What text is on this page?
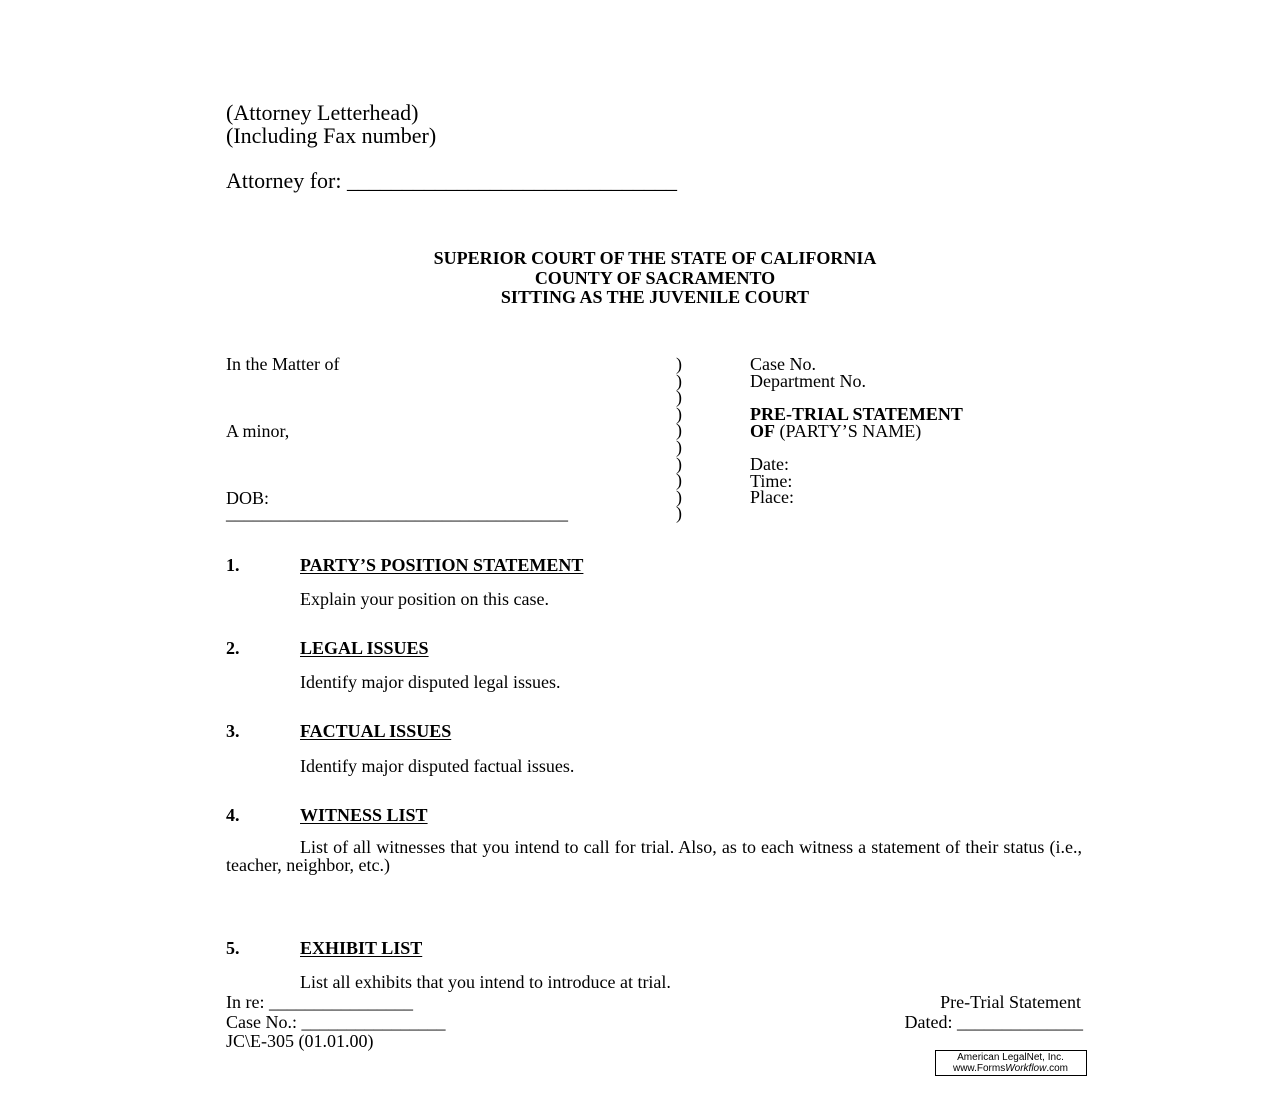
(Attorney Letterhead)
(Including Fax number)
Attorney for: ______________________________
SUPERIOR COURT OF THE STATE OF CALIFORNIA
COUNTY OF SACRAMENTO
SITTING AS THE JUVENILE COURT
In the Matter of
A minor,
DOB:
______________________________________
)
)
)
)
)
)
)
)
)
)
Case No.
Department No.
PRE-TRIAL STATEMENT
OF (PARTY’S NAME)
Date:
Time:
Place:
1.	PARTY’S POSITION STATEMENT
Explain your position on this case.
2.	LEGAL ISSUES
Identify major disputed legal issues.
3.	FACTUAL ISSUES
Identify major disputed factual issues.
4.	WITNESS LIST
List of all witnesses that you intend to call for trial. Also, as to each witness a statement of their status (i.e., teacher, neighbor, etc.)
5.	EXHIBIT LIST
List all exhibits that you intend to introduce at trial.
In re: ________________
Case No.: ________________
JC\E-305 (01.01.00)
Pre-Trial Statement
Dated: ______________
American LegalNet, Inc.
www.FormsWorkflow.com
